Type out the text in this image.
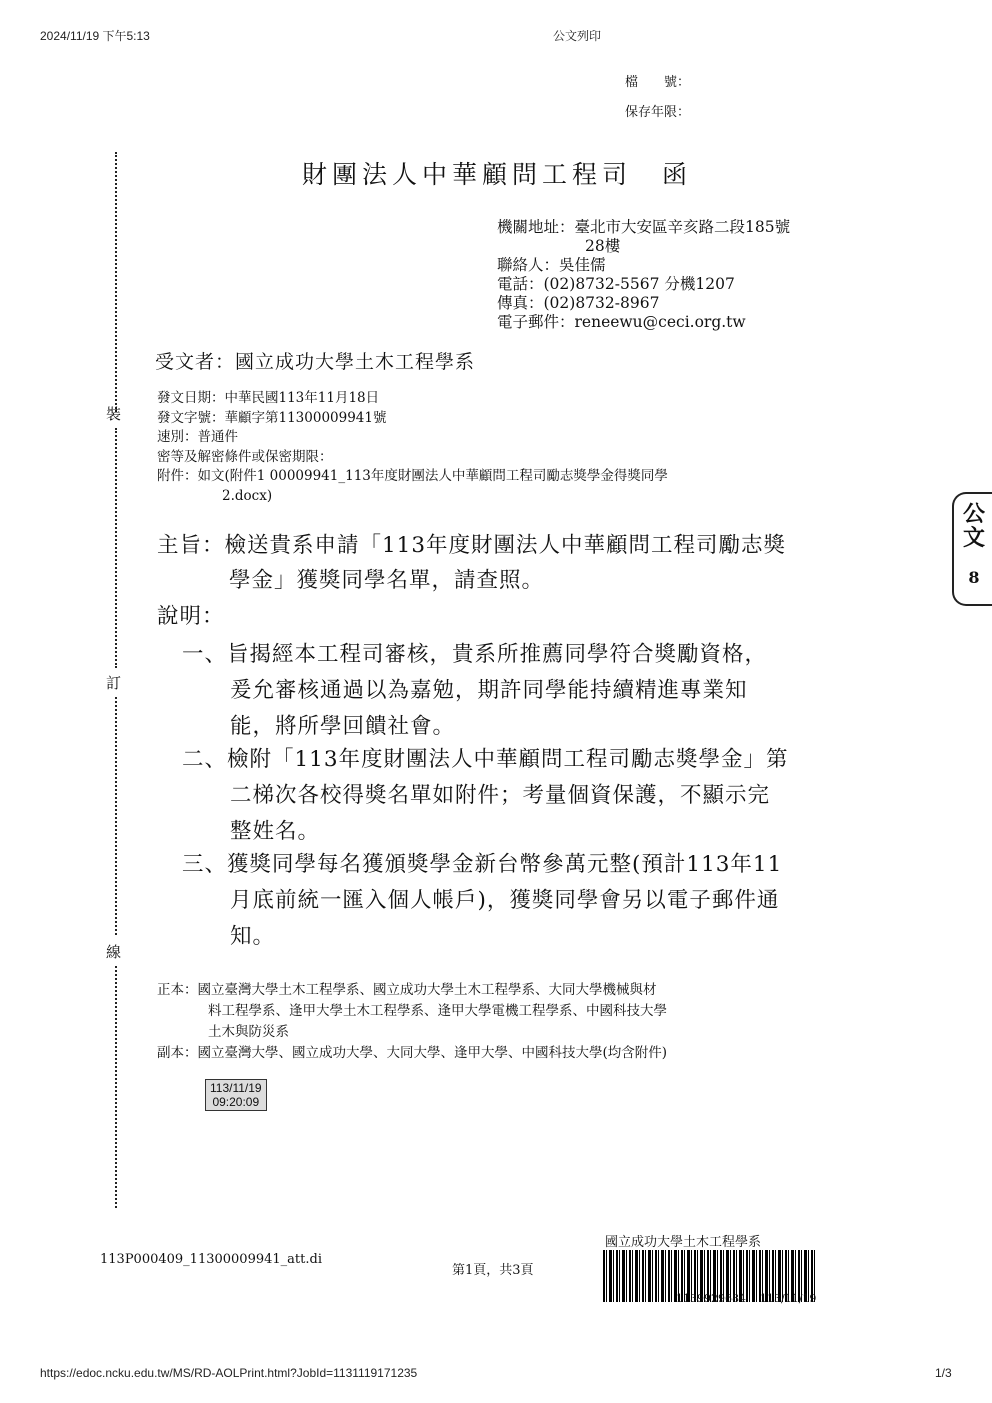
2024/11/19 下午5:13	公文列印
檔　　號：
保存年限：
裝
訂
線
財團法人中華顧問工程司　函
機關地址：臺北市大安區辛亥路二段185號
28樓
聯絡人：吳佳儒
電話：(02)8732-5567 分機1207
傳真：(02)8732-8967
電子郵件：reneewu@ceci.org.tw
受文者：國立成功大學土木工程學系
發文日期：中華民國113年11月18日
發文字號：華顧字第11300009941號
速別：普通件
密等及解密條件或保密期限：
附件：如文(附件1 00009941_113年度財團法人中華顧問工程司勵志獎學金得獎同學
2.docx)
主旨：檢送貴系申請「113年度財團法人中華顧問工程司勵志獎
學金」獲獎同學名單，請查照。
說明：
一、旨揭經本工程司審核，貴系所推薦同學符合獎勵資格，
爰允審核通過以為嘉勉，期許同學能持續精進專業知
能，將所學回饋社會。
二、檢附「113年度財團法人中華顧問工程司勵志獎學金」第
二梯次各校得獎名單如附件；考量個資保護，不顯示完
整姓名。
三、獲獎同學每名獲頒獎學金新台幣參萬元整(預計113年11
月底前統一匯入個人帳戶)，獲獎同學會另以電子郵件通
知。
正本：國立臺灣大學土木工程學系、國立成功大學土木工程學系、大同大學機械與材
料工程學系、逢甲大學土木工程學系、逢甲大學電機工程學系、中國科技大學
土木與防災系
副本：國立臺灣大學、國立成功大學、大同大學、逢甲大學、中國科技大學(均含附件)
113/11/19
09:20:09
公文
8
113P000409_11300009941_att.di
第1頁，共3頁
國立成功大學土木工程學系
1139929684 113/11/19
https://edoc.ncku.edu.tw/MS/RD-AOLPrint.html?JobId=1131119171235	1/3
